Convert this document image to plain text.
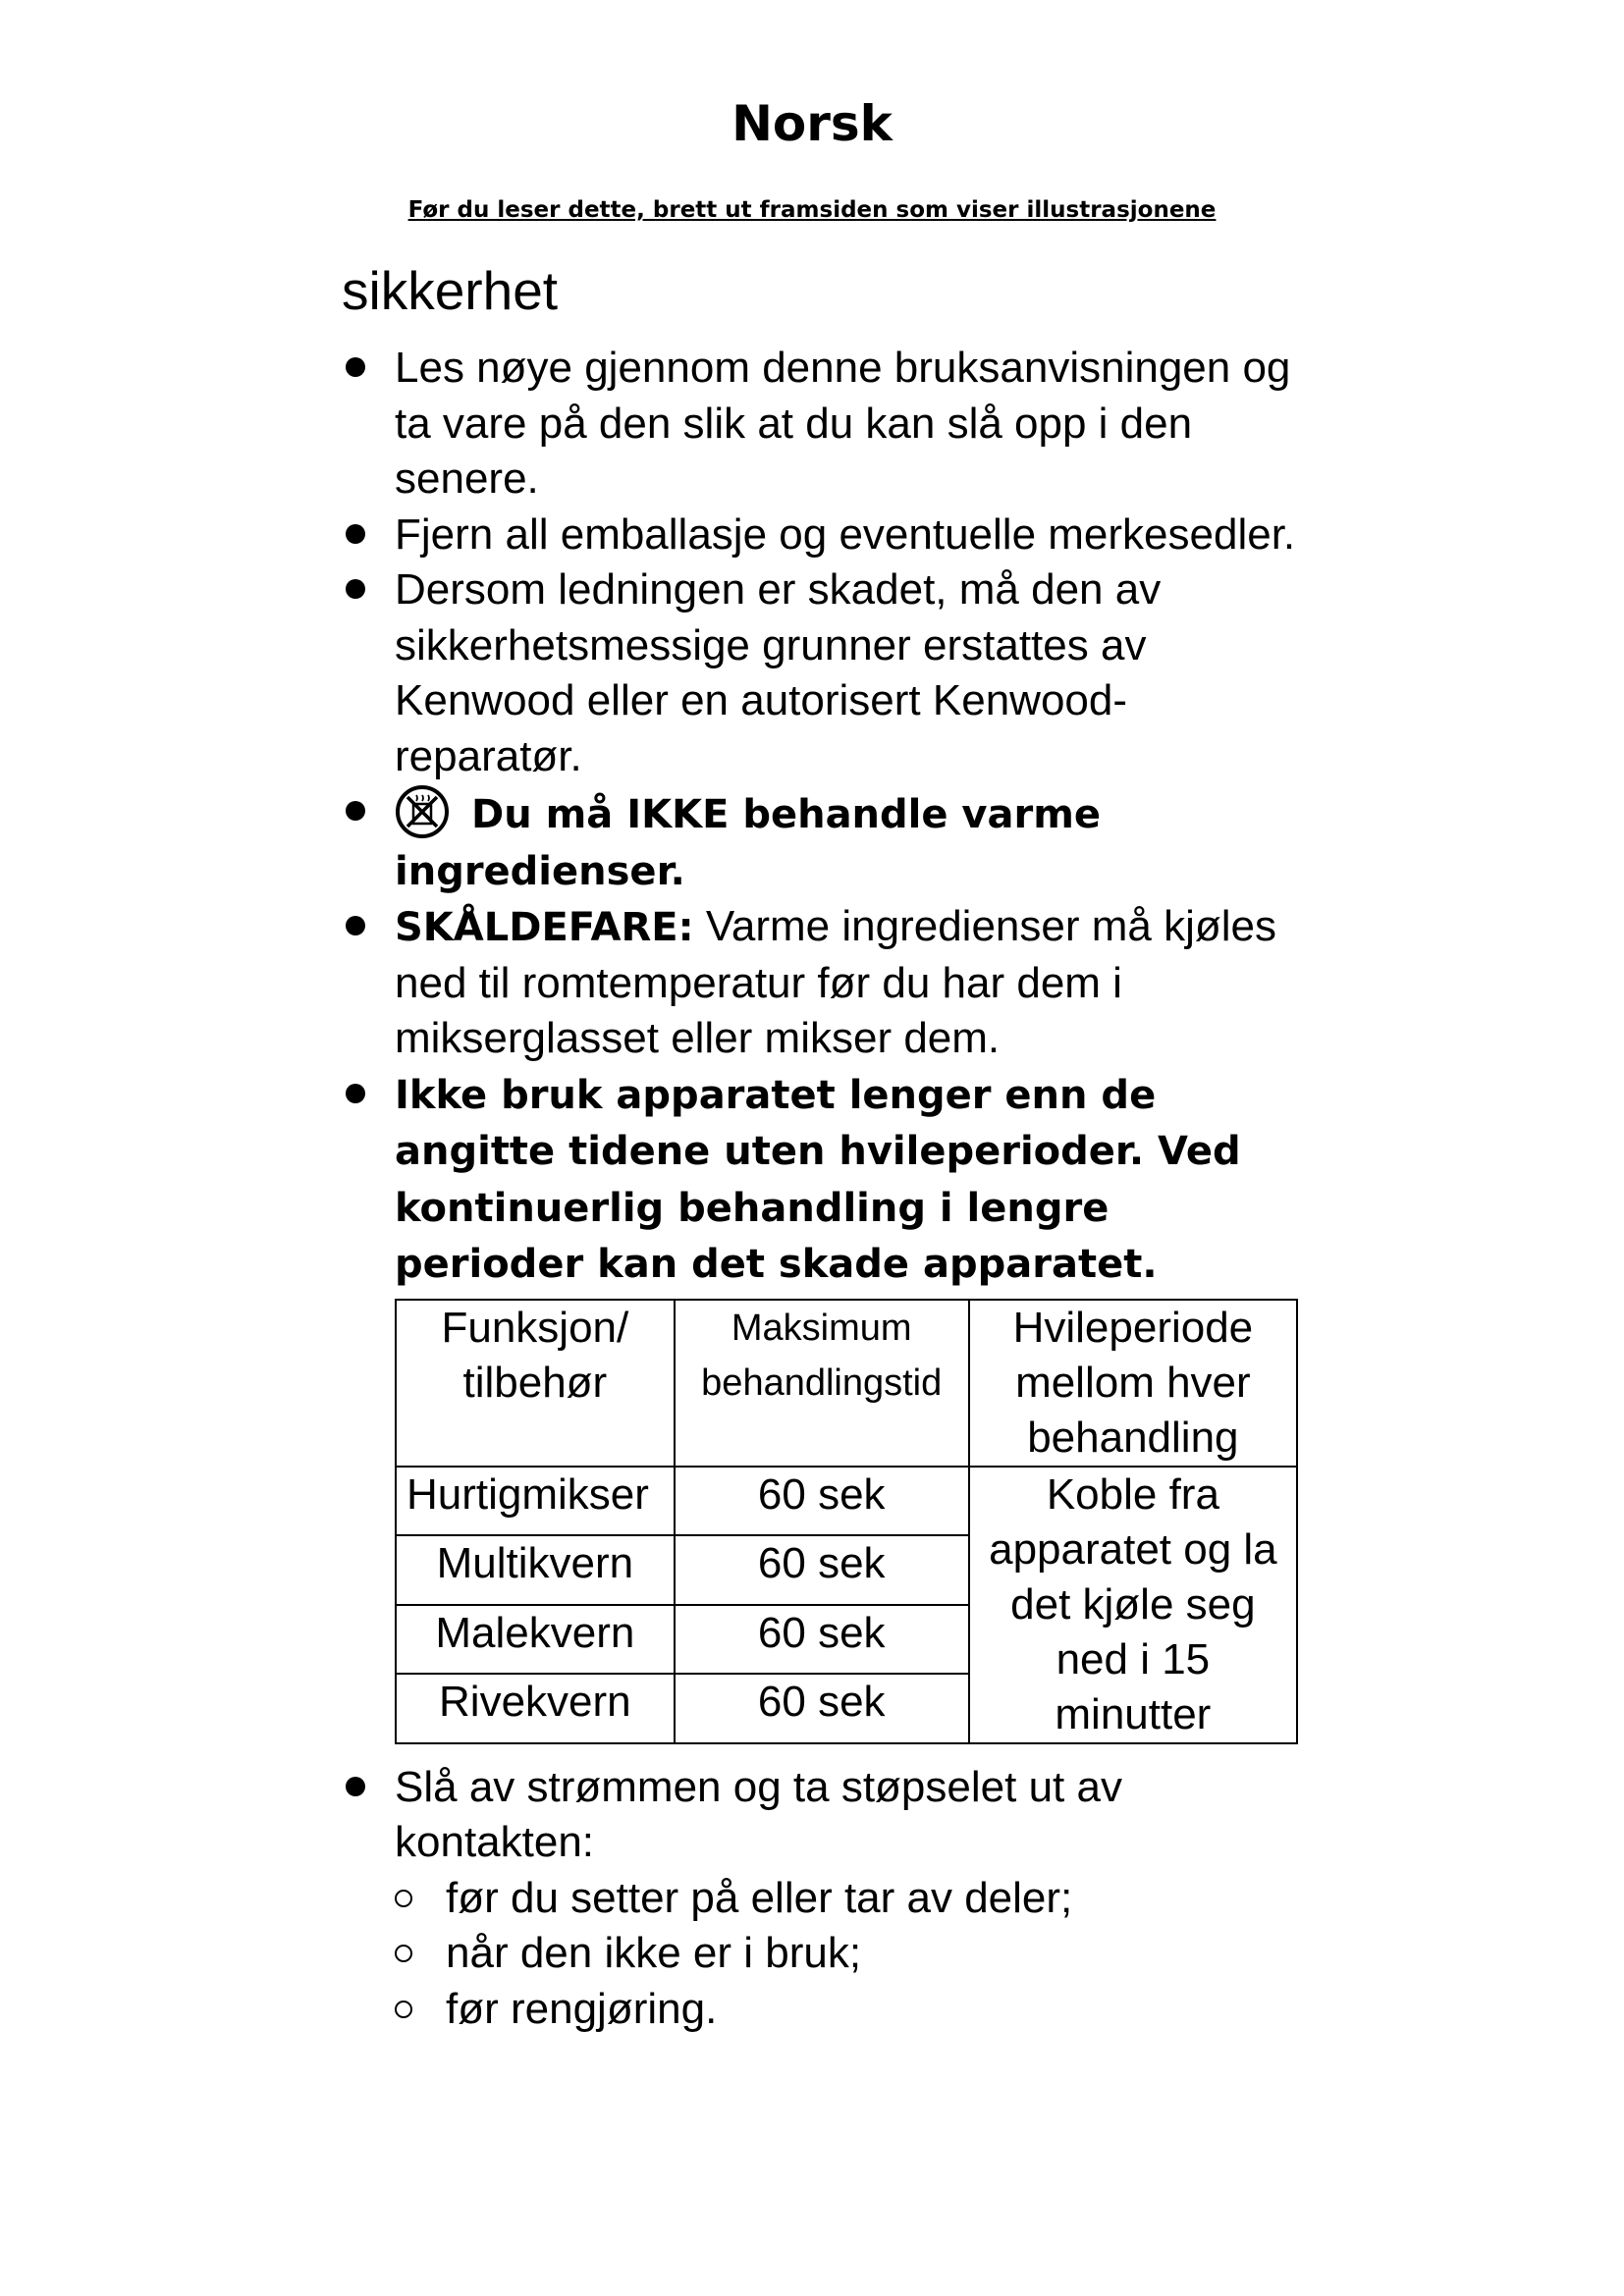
Norsk

Før du leser dette, brett ut framsiden som viser illustrasjonene

sikkerhet
Les nøye gjennom denne bruksanvisningen og ta vare på den slik at du kan slå opp i den senere.
Fjern all emballasje og eventuelle merkesedler.
Dersom ledningen er skadet, må den av sikkerhetsmessige grunner erstattes av Kenwood eller en autorisert Kenwood-reparatør.
Du må IKKE behandle varme ingredienser.
SKÅLDEFARE: Varme ingredienser må kjøles ned til romtemperatur før du har dem i mikserglasset eller mikser dem.
Ikke bruk apparatet lenger enn de angitte tidene uten hvileperioder. Ved kontinuerlig behandling i lengre perioder kan det skade apparatet.
Funksjon/ tilbehør	Maksimum behandlingstid	Hvileperiode mellom hver behandling
Hurtigmikser	60 sek	Koble fra apparatet og la det kjøle seg ned i 15 minutter
Multikvern	60 sek	
Malekvern	60 sek	
Rivekvern	60 sek	
Slå av strømmen og ta støpselet ut av kontakten:
før du setter på eller tar av deler;
når den ikke er i bruk;
før rengjøring.
